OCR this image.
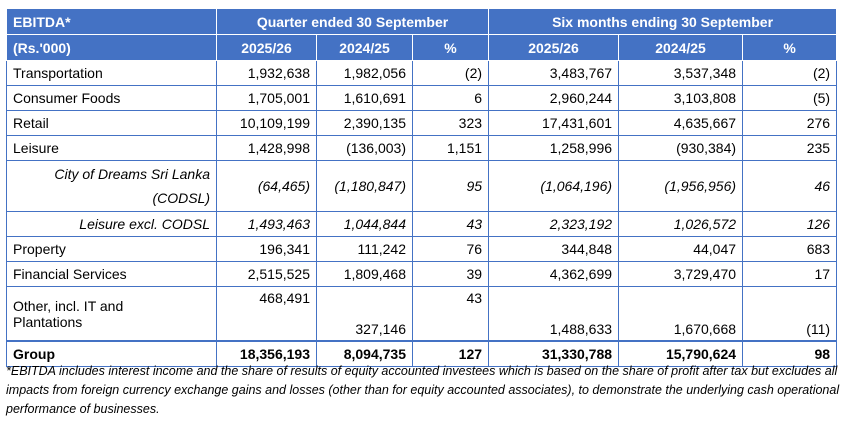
EBITDA*	Quarter ended 30 September			Six months ending 30 September		
(Rs.'000)	2025/26	2024/25	%	2025/26	2024/25	%
Transportation	1,932,638	1,982,056	(2)	3,483,767	3,537,348	(2)
Consumer Foods	1,705,001	1,610,691	6	2,960,244	3,103,808	(5)
Retail	10,109,199	2,390,135	323	17,431,601	4,635,667	276
Leisure	1,428,998	(136,003)	1,151	1,258,996	(930,384)	235
City of Dreams Sri Lanka
(CODSL)	(64,465)	(1,180,847)	95	(1,064,196)	(1,956,956)	46
Leisure excl. CODSL	1,493,463	1,044,844	43	2,323,192	1,026,572	126
Property	196,341	111,242	76	344,848	44,047	683
Financial Services	2,515,525	1,809,468	39	4,362,699	3,729,470	17
Other, incl. IT and
Plantations	468,491	327,146	43	1,488,633	1,670,668	(11)
Group	18,356,193	8,094,735	127	31,330,788	15,790,624	98
*EBITDA includes interest income and the share of results of equity accounted investees which is based on the share of profit after tax but excludes all impacts from foreign currency exchange gains and losses (other than for equity accounted associates), to demonstrate the underlying cash operational performance of businesses.
